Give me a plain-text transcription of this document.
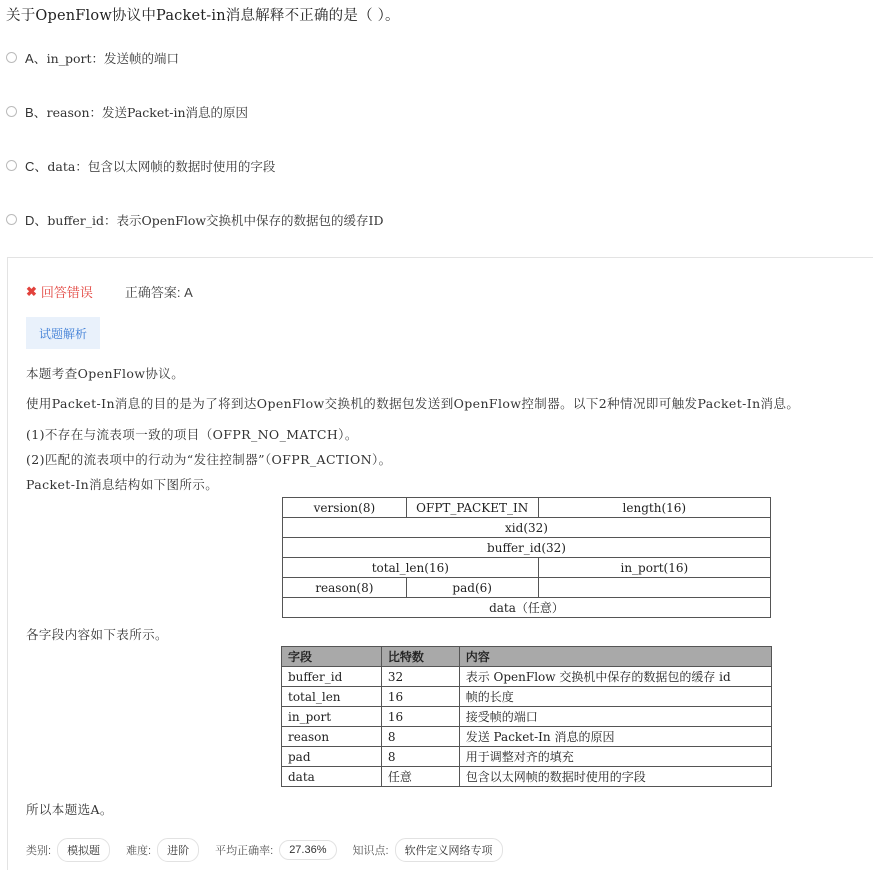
关于OpenFlow协议中Packet-in消息解释不正确的是（ ）。
A、 in_port：发送帧的端口
B、 reason：发送Packet-in消息的原因
C、 data：包含以太网帧的数据时使用的字段
D、 buffer_id：表示OpenFlow交换机中保存的数据包的缓存ID
✖ 回答错误 正确答案: A
试题解析
本题考查OpenFlow协议。
使用Packet-In消息的目的是为了将到达OpenFlow交换机的数据包发送到OpenFlow控制器。以下2种情况即可触发Packet-In消息。
(1)不存在与流表项一致的项目（OFPR_NO_MATCH）。
(2)匹配的流表项中的行动为“发往控制器”（OFPR_ACTION）。
Packet-In消息结构如下图所示。
version(8)	OFPT_PACKET_IN	length(16)
xid(32)		
buffer_id(32)		
total_len(16)		in_port(16)
reason(8)	pad(6)	
data（任意）		
各字段内容如下表所示。
字段	比特数	内容
buffer_id	32	表示 OpenFlow 交换机中保存的数据包的缓存 id
total_len	16	帧的长度
in_port	16	接受帧的端口
reason	8	发送 Packet-In 消息的原因
pad	8	用于调整对齐的填充
data	任意	包含以太网帧的数据时使用的字段
所以本题选A。
类别:	模拟题	难度:	进阶	平均正确率:	27.36%	知识点:	软件定义网络专项
